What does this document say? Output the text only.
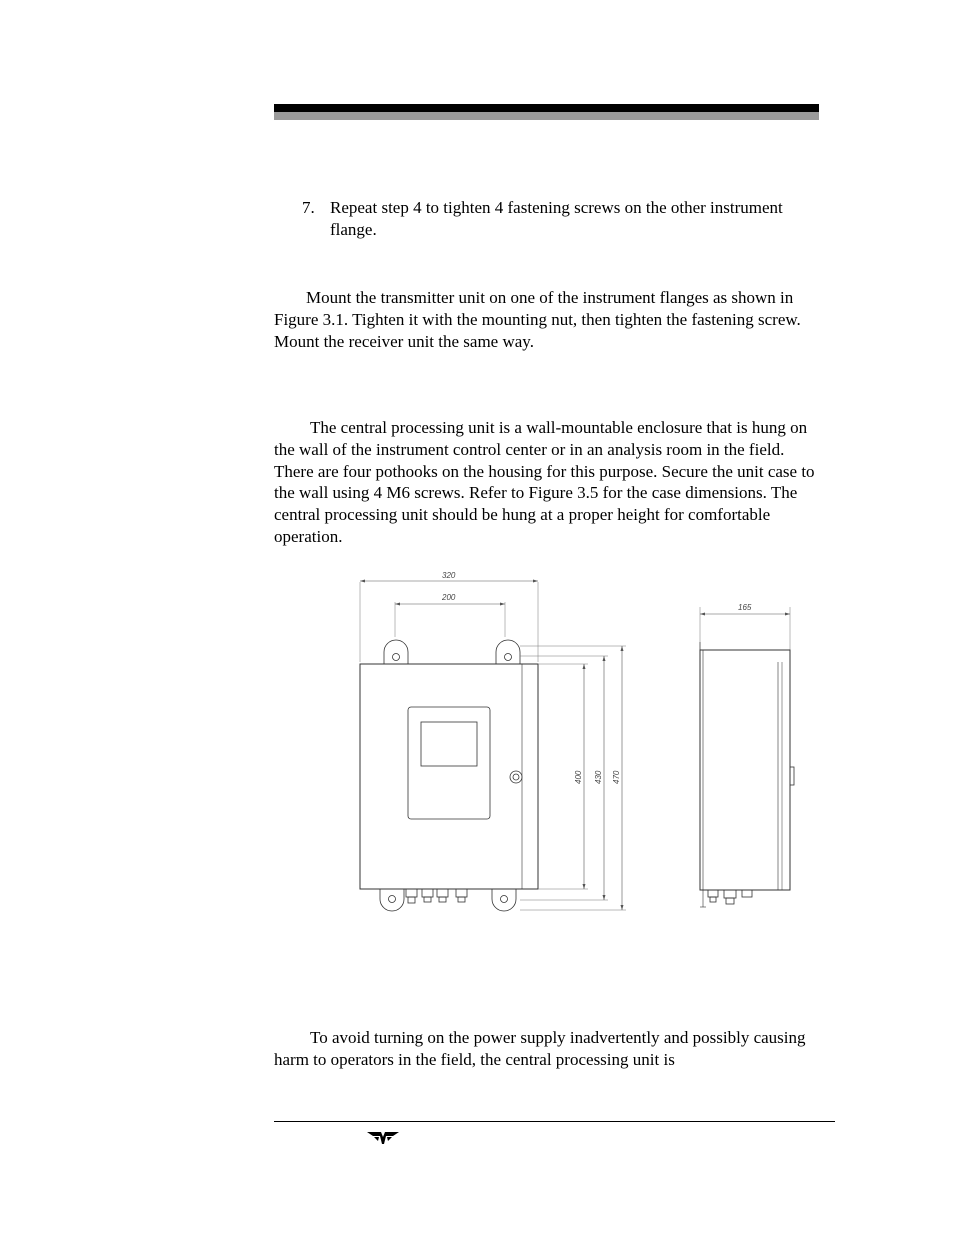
7. Repeat step 4 to tighten 4 fastening screws on the other instrument flange.

Mount the transmitter unit on one of the instrument flanges as shown in Figure 3.1. Tighten it with the mounting nut, then tighten the fastening screw. Mount the receiver unit the same way.

The central processing unit is a wall-mountable enclosure that is hung on the wall of the instrument control center or in an analysis room in the field. There are four pothooks on the housing for this purpose. Secure the unit case to the wall using 4 M6 screws. Refer to Figure 3.5 for the case dimensions. The central processing unit should be hung at a proper height for comfortable operation.

320
200
400 430 470
165

To avoid turning on the power supply inadvertently and possibly causing harm to operators in the field, the central processing unit is
